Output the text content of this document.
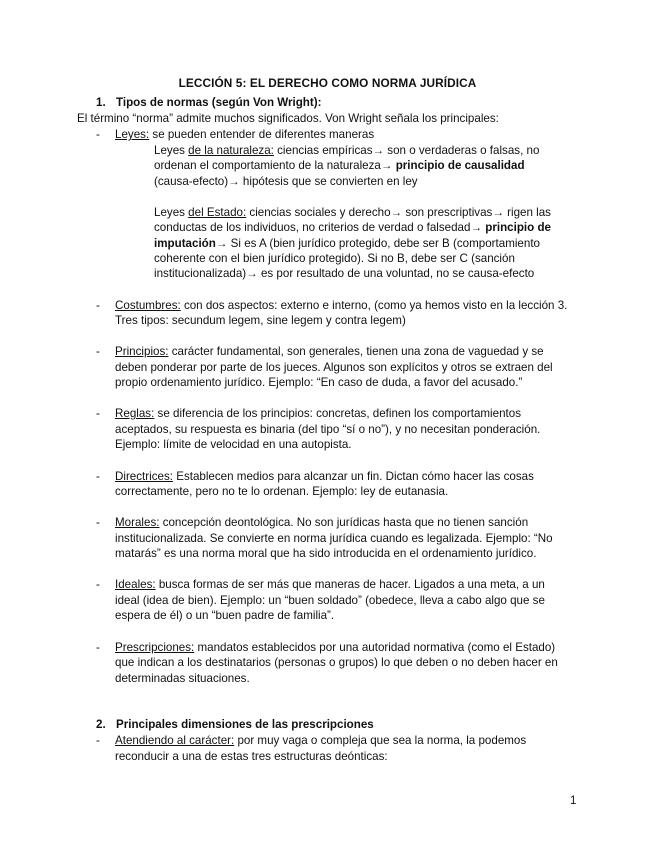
LECCIÓN 5: EL DERECHO COMO NORMA JURÍDICA
1. Tipos de normas (según Von Wright):
El término “norma” admite muchos significados. Von Wright señala los principales:
- Leyes: se pueden entender de diferentes maneras
Leyes de la naturaleza: ciencias empíricas→ son o verdaderas o falsas, no
ordenan el comportamiento de la naturaleza→ principio de causalidad
(causa-efecto)→ hipótesis que se convierten en ley
Leyes del Estado: ciencias sociales y derecho→ son prescriptivas→ rigen las
conductas de los individuos, no criterios de verdad o falsedad→ principio de
imputación→ Si es A (bien jurídico protegido, debe ser B (comportamiento
coherente con el bien jurídico protegido). Si no B, debe ser C (sanción
institucionalizada)→ es por resultado de una voluntad, no se causa-efecto
- Costumbres: con dos aspectos: externo e interno, (como ya hemos visto en la lección 3.
Tres tipos: secundum legem, sine legem y contra legem)
- Principios: carácter fundamental, son generales, tienen una zona de vaguedad y se
deben ponderar por parte de los jueces. Algunos son explícitos y otros se extraen del
propio ordenamiento jurídico. Ejemplo: “En caso de duda, a favor del acusado.”
- Reglas: se diferencia de los principios: concretas, definen los comportamientos
aceptados, su respuesta es binaria (del tipo “sí o no”), y no necesitan ponderación.
Ejemplo: límite de velocidad en una autopista.
- Directrices: Establecen medios para alcanzar un fin. Dictan cómo hacer las cosas
correctamente, pero no te lo ordenan. Ejemplo: ley de eutanasia.
- Morales: concepción deontológica. No son jurídicas hasta que no tienen sanción
institucionalizada. Se convierte en norma jurídica cuando es legalizada. Ejemplo: “No
matarás” es una norma moral que ha sido introducida en el ordenamiento jurídico.
- Ideales: busca formas de ser más que maneras de hacer. Ligados a una meta, a un
ideal (idea de bien). Ejemplo: un “buen soldado” (obedece, lleva a cabo algo que se
espera de él) o un “buen padre de familia”.
- Prescripciones: mandatos establecidos por una autoridad normativa (como el Estado)
que indican a los destinatarios (personas o grupos) lo que deben o no deben hacer en
determinadas situaciones.
2. Principales dimensiones de las prescripciones
- Atendiendo al carácter: por muy vaga o compleja que sea la norma, la podemos
reconducir a una de estas tres estructuras deónticas:
1
